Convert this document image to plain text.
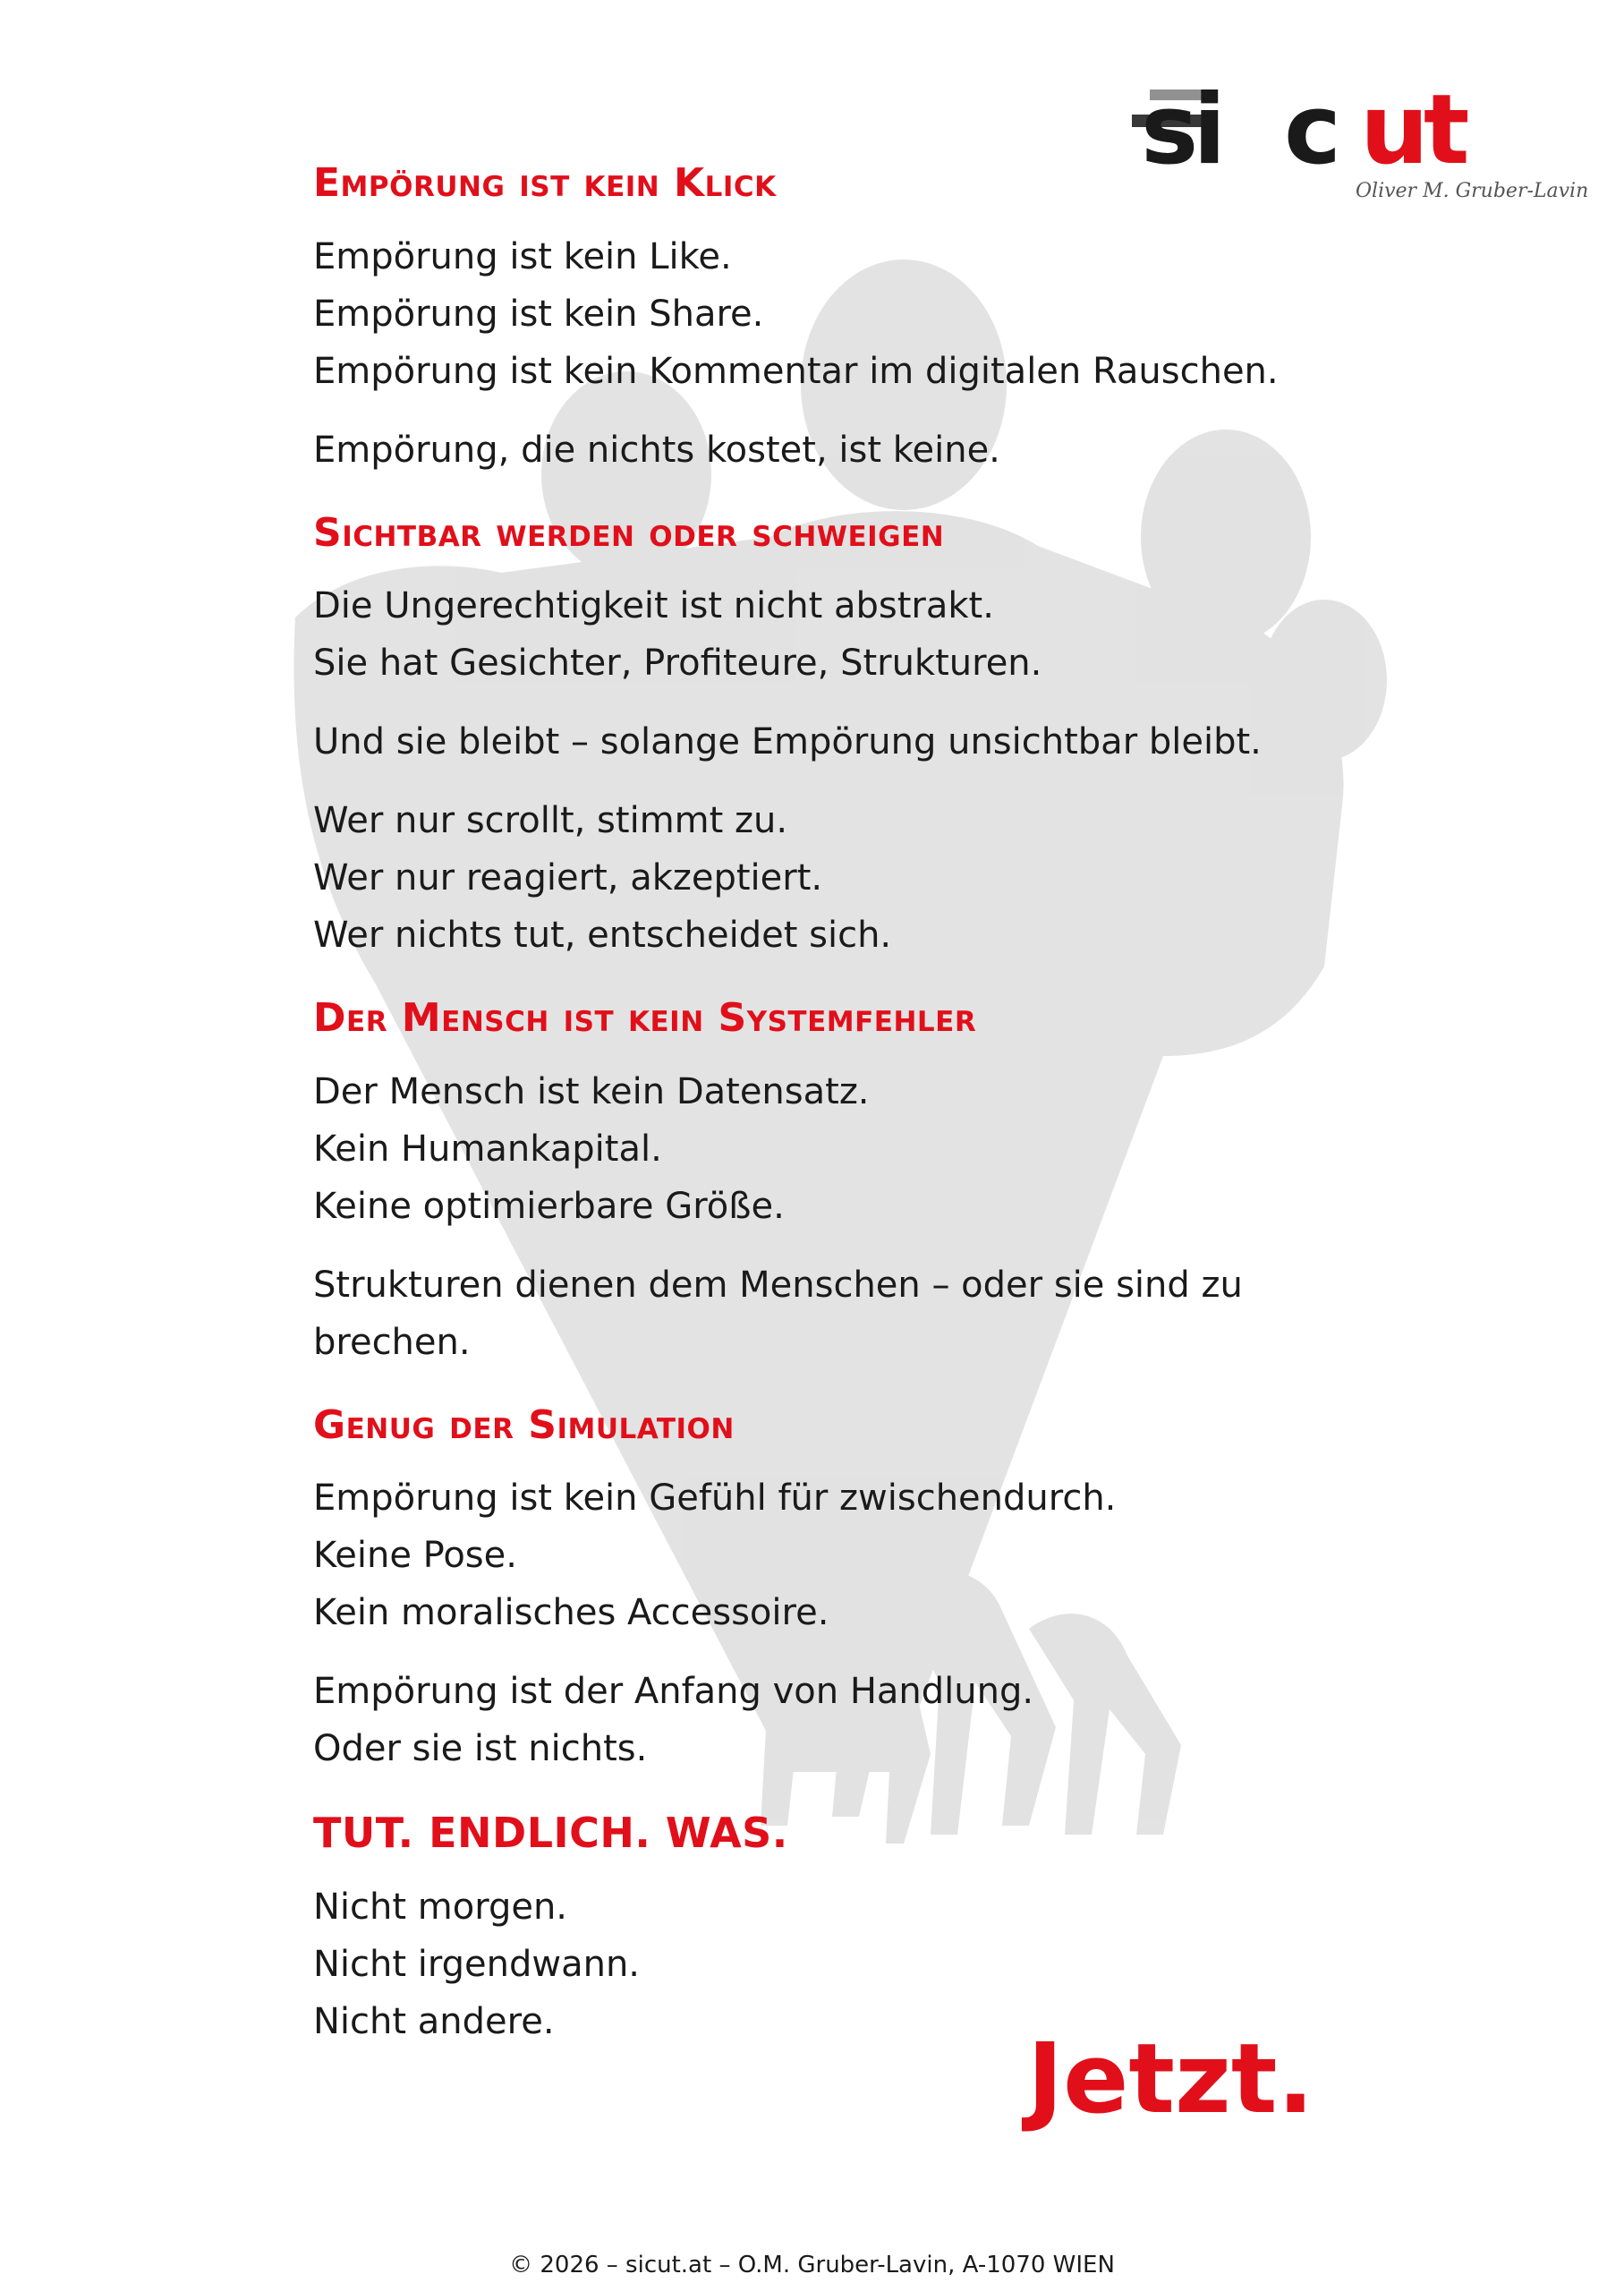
si c ut
Oliver M. Gruber-Lavin
Empörung ist kein Klick

Empörung ist kein Like.
Empörung ist kein Share.
Empörung ist kein Kommentar im digitalen Rauschen.

Empörung, die nichts kostet, ist keine.

Sichtbar werden oder schweigen

Die Ungerechtigkeit ist nicht abstrakt.
Sie hat Gesichter, Profiteure, Strukturen.

Und sie bleibt – solange Empörung unsichtbar bleibt.

Wer nur scrollt, stimmt zu.
Wer nur reagiert, akzeptiert.
Wer nichts tut, entscheidet sich.

Der Mensch ist kein Systemfehler

Der Mensch ist kein Datensatz.
Kein Humankapital.
Keine optimierbare Größe.

Strukturen dienen dem Menschen – oder sie sind zu
brechen.

Genug der Simulation

Empörung ist kein Gefühl für zwischendurch.
Keine Pose.
Kein moralisches Accessoire.

Empörung ist der Anfang von Handlung.
Oder sie ist nichts.

TUT. ENDLICH. WAS.

Nicht morgen.
Nicht irgendwann.
Nicht andere.

Jetzt.
© 2026 – sicut.at – O.M. Gruber-Lavin, A-1070 WIEN
